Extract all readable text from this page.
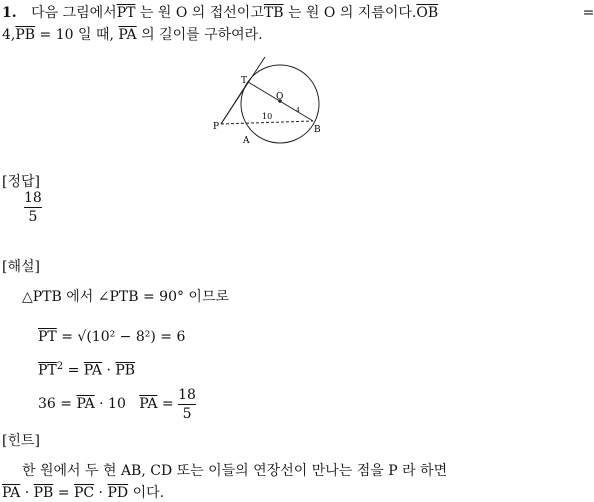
1. 다음 그림에서$\overline{PT}$ 는 원 O 의 접선이고$\overline{TB}$ 는 원 O 의 지름이다$.\overline{OB}$	=
$4,\overline{PB} = 10$ 일 때, $\overline{PA}$ 의 길이를 구하여라.
T
P
A
B
O
10
4
[정답]
$\frac{18}{5}$
[해설]
△PTB 에서 ∠PTB = 90° 이므로
$\overline{PT} = √(10^2 - 8^2) = 6$
$\overline{PT}^2 = \overline{PA} \cdot \overline{PB}$
$36 = \overline{PA} \cdot 10$   $\overline{PA} = \frac{18}{5}$
[힌트]
한 원에서 두 현 AB, CD 또는 이들의 연장선이 만나는 점을 P 라 하면
$\overline{PA} \cdot \overline{PB} = \overline{PC} \cdot \overline{PD}$ 이다.
